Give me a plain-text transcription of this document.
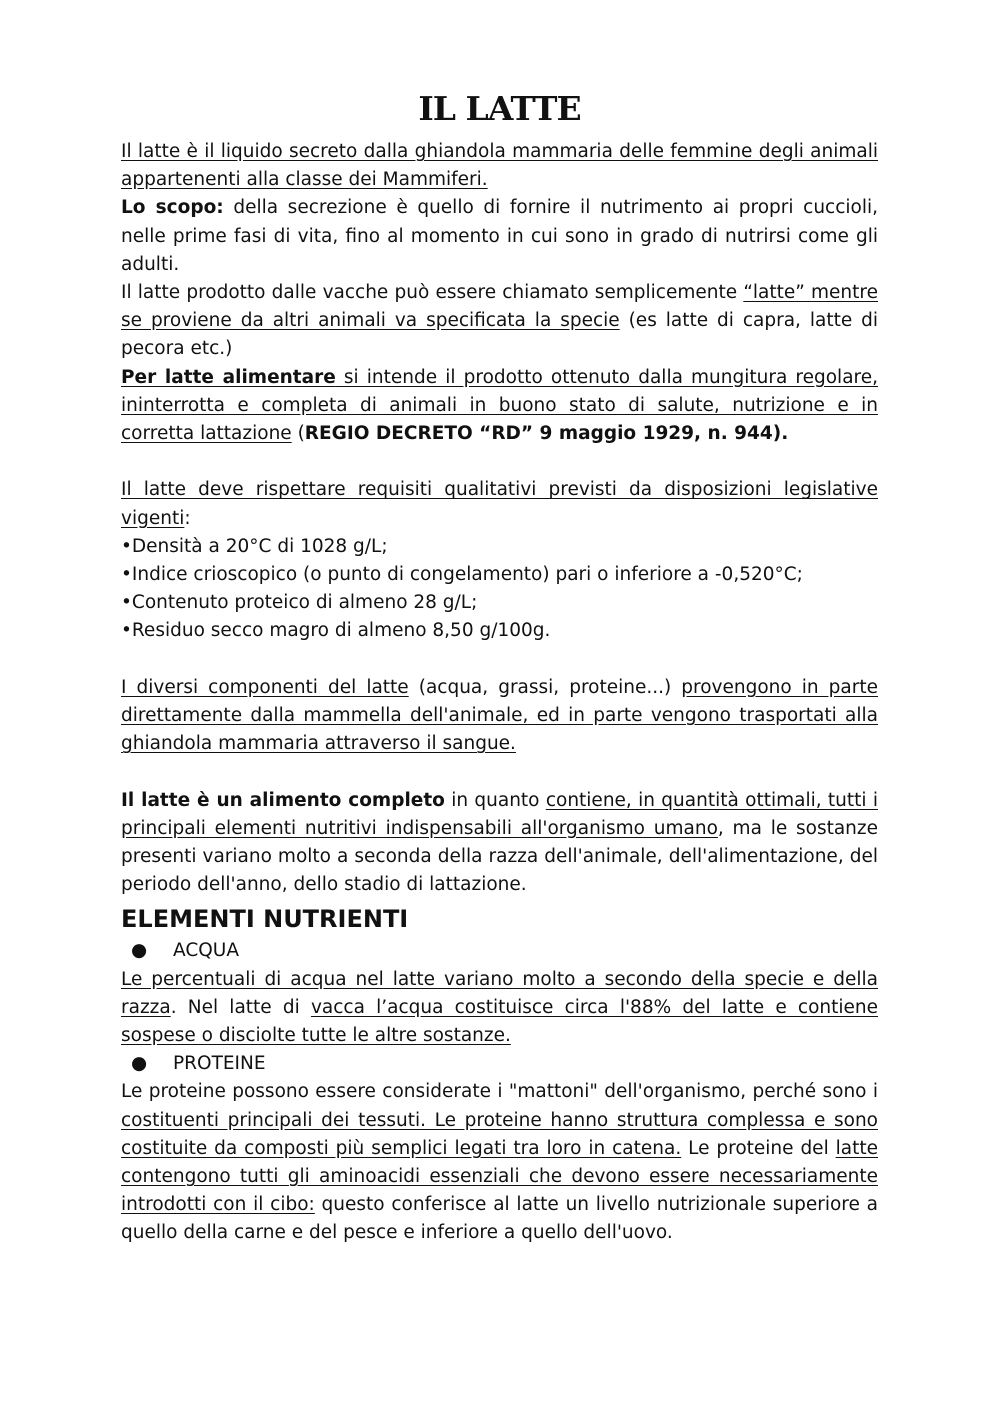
IL LATTE

Il latte è il liquido secreto dalla ghiandola mammaria delle femmine degli animali appartenenti alla classe dei Mammiferi.

Lo scopo: della secrezione è quello di fornire il nutrimento ai propri cuccioli, nelle prime fasi di vita, fino al momento in cui sono in grado di nutrirsi come gli adulti.

Il latte prodotto dalle vacche può essere chiamato semplicemente “latte” mentre se proviene da altri animali va specificata la specie (es latte di capra, latte di pecora etc.)

Per latte alimentare si intende il prodotto ottenuto dalla mungitura regolare, ininterrotta e completa di animali in buono stato di salute, nutrizione e in corretta lattazione (REGIO DECRETO “RD” 9 maggio 1929, n. 944).

Il latte deve rispettare requisiti qualitativi previsti da disposizioni legislative vigenti:

•Densità a 20°C di 1028 g/L;
•Indice crioscopico (o punto di congelamento) pari o inferiore a -0,520°C;
•Contenuto proteico di almeno 28 g/L;
•Residuo secco magro di almeno 8,50 g/100g.

I diversi componenti del latte (acqua, grassi, proteine...) provengono in parte direttamente dalla mammella dell'animale, ed in parte vengono trasportati alla ghiandola mammaria attraverso il sangue.

Il latte è un alimento completo in quanto contiene, in quantità ottimali, tutti i principali elementi nutritivi indispensabili all'organismo umano, ma le sostanze presenti variano molto a seconda della razza dell'animale, dell'alimentazione, del periodo dell'anno, dello stadio di lattazione.

ELEMENTI NUTRIENTI
● ACQUA

Le percentuali di acqua nel latte variano molto a secondo della specie e della razza. Nel latte di vacca l’acqua costituisce circa l'88% del latte e contiene sospese o disciolte tutte le altre sostanze.

● PROTEINE

Le proteine possono essere considerate i "mattoni" dell'organismo, perché sono i costituenti principali dei tessuti. Le proteine hanno struttura complessa e sono costituite da composti più semplici legati tra loro in catena. Le proteine del latte contengono tutti gli aminoacidi essenziali che devono essere necessariamente introdotti con il cibo: questo conferisce al latte un livello nutrizionale superiore a quello della carne e del pesce e inferiore a quello dell'uovo.
